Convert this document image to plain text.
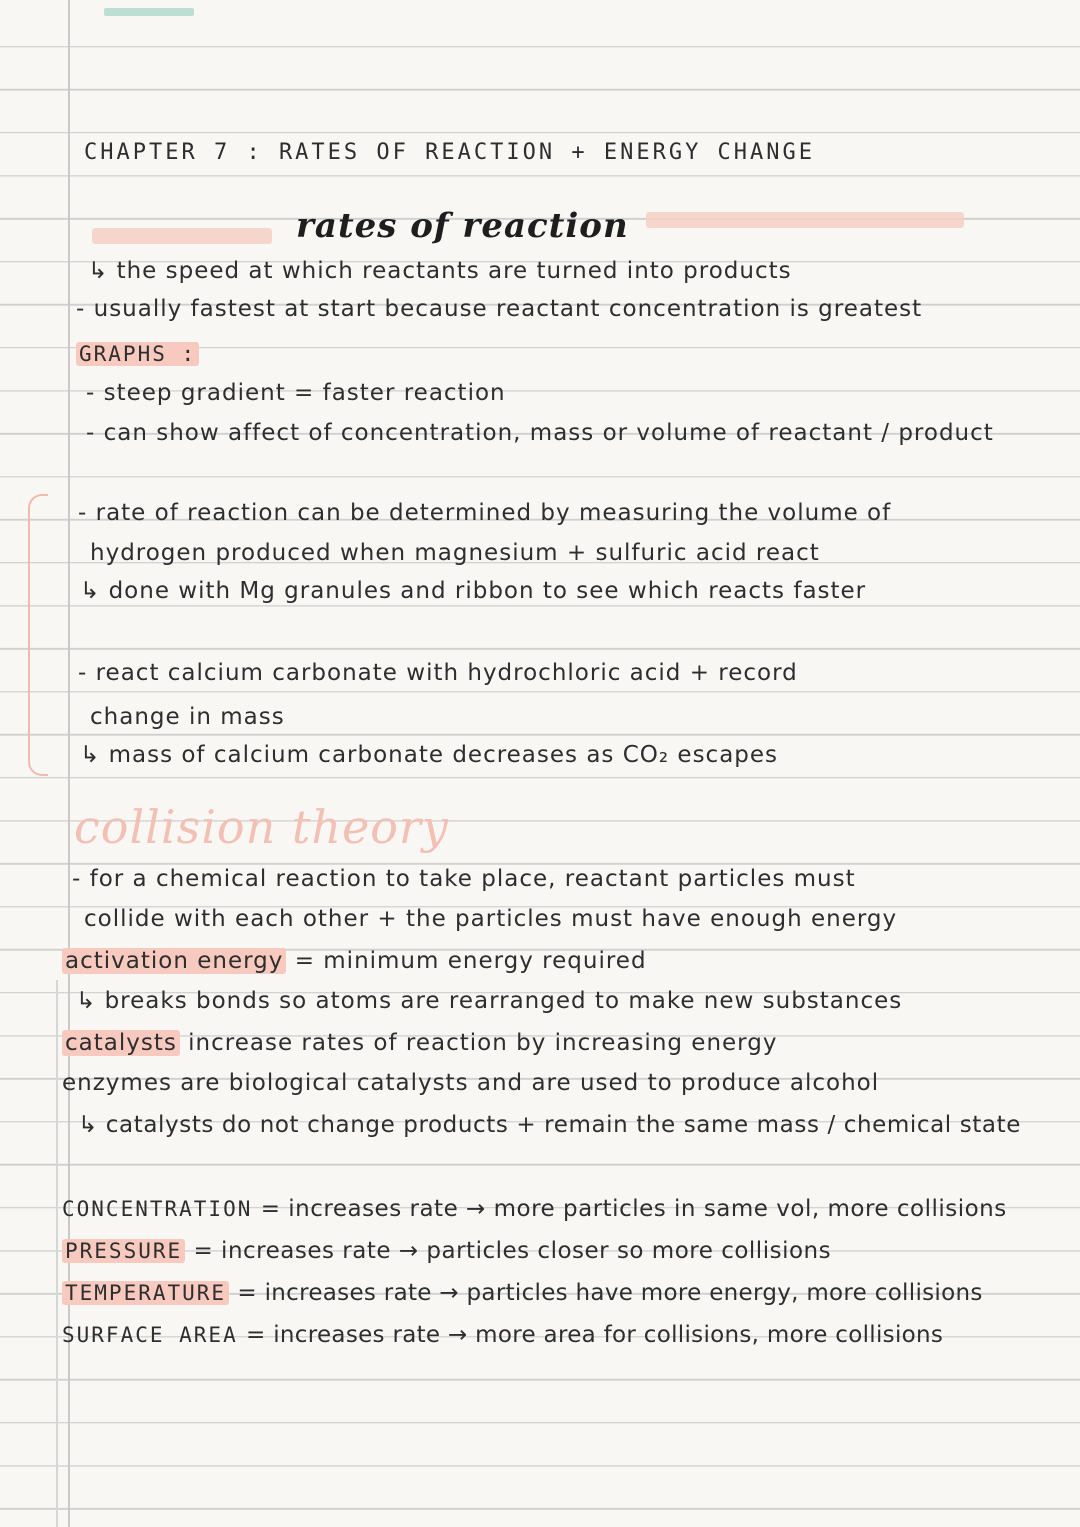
CHAPTER 7 : RATES OF REACTION + ENERGY CHANGE
rates of reaction
↳ the speed at which reactants are turned into products
- usually fastest at start because reactant concentration is greatest
GRAPHS :
- steep gradient = faster reaction
- can show affect of concentration, mass or volume of reactant / product
- rate of reaction can be determined by measuring the volume of
hydrogen produced when magnesium + sulfuric acid react
↳ done with Mg granules and ribbon to see which reacts faster
- react calcium carbonate with hydrochloric acid + record
change in mass
↳ mass of calcium carbonate decreases as CO₂ escapes
collision theory
- for a chemical reaction to take place, reactant particles must
collide with each other + the particles must have enough energy
activation energy = minimum energy required
↳ breaks bonds so atoms are rearranged to make new substances
catalysts increase rates of reaction by increasing energy
enzymes are biological catalysts and are used to produce alcohol
↳ catalysts do not change products + remain the same mass / chemical state
CONCENTRATION = increases rate → more particles in same vol, more collisions
PRESSURE = increases rate → particles closer so more collisions
TEMPERATURE = increases rate → particles have more energy, more collisions
SURFACE AREA = increases rate → more area for collisions, more collisions
